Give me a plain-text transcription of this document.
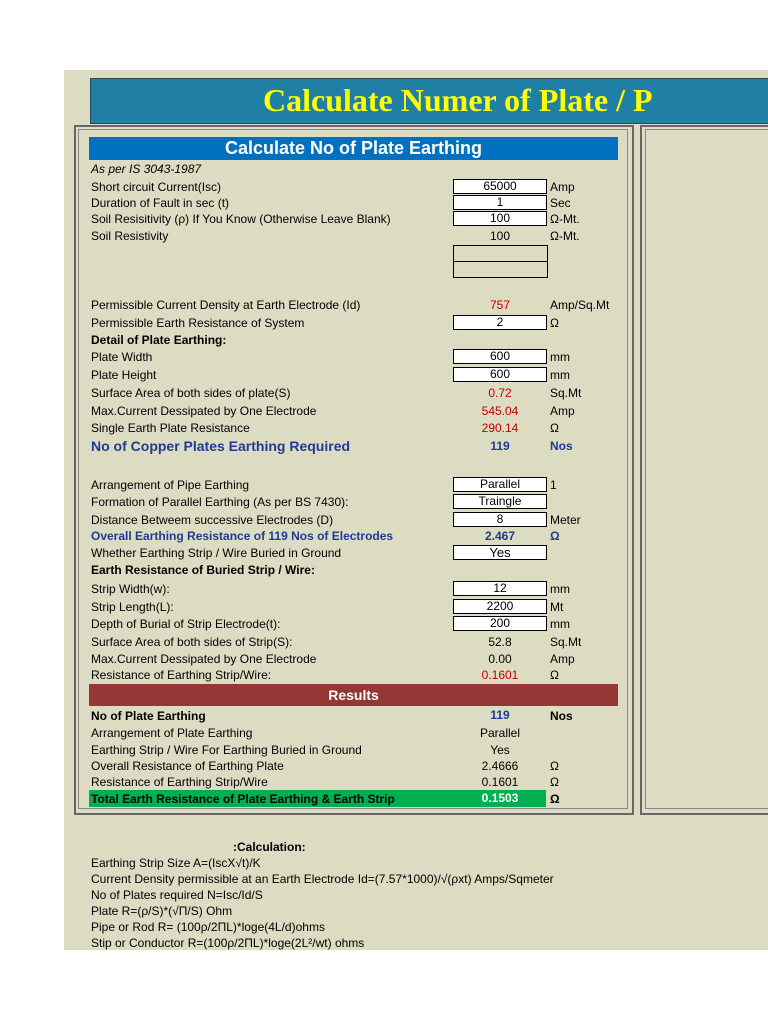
Calculate Numer of Plate / P
Calculate No of Plate Earthing
As per IS 3043-1987
Short circuit Current(Isc)	65000	Amp
Duration of Fault in sec (t)	1	Sec
Soil Resisitivity (ρ) If You Know (Otherwise Leave Blank)	100	Ω-Mt.
Soil Resistivity	100	Ω-Mt.
Permissible Current Density at Earth Electrode (Id)	757	Amp/Sq.Mt
Permissible Earth Resistance of System	2	Ω
Detail of Plate Earthing:
Plate Width	600	mm
Plate Height	600	mm
Surface Area of both sides of plate(S)	0.72	Sq.Mt
Max.Current Dessipated by One Electrode	545.04	Amp
Single Earth Plate Resistance	290.14	Ω
No of Copper Plates Earthing Required	119	Nos
Arrangement of Pipe Earthing	Parallel	1
Formation of Parallel Earthing (As per BS 7430):	Traingle
Distance Betweem successive Electrodes (D)	8	Meter
Overall Earthing Resistance of 119 Nos of Electrodes	2.467	Ω
Whether Earthing Strip / Wire Buried in Ground	Yes
Earth Resistance of Buried Strip / Wire:
Strip Width(w):	12	mm
Strip Length(L):	2200	Mt
Depth of Burial of Strip Electrode(t):	200	mm
Surface Area of both sides of Strip(S):	52.8	Sq.Mt
Max.Current Dessipated by One Electrode	0.00	Amp
Resistance of Earthing Strip/Wire:	0.1601	Ω
Results
No of Plate Earthing	119	Nos
Arrangement of Plate Earthing	Parallel
Earthing Strip / Wire For Earthing Buried in Ground	Yes
Overall Resistance of Earthing Plate	2.4666	Ω
Resistance of Earthing Strip/Wire	0.1601	Ω
Total Earth Resistance of Plate Earthing & Earth Strip	0.1503	Ω
:Calculation:
Earthing Strip Size A=(IscX√t)/K
Current Density permissible at an Earth Electrode Id=(7.57*1000)/√(ρxt) Amps/Sqmeter
No of Plates required N=Isc/Id/S
Plate R=(ρ/S)*(√Π/S) Ohm
Pipe or Rod R= (100ρ/2ΠL)*loge(4L/d)ohms
Stip or Conductor R=(100ρ/2ΠL)*loge(2L²/wt) ohms
